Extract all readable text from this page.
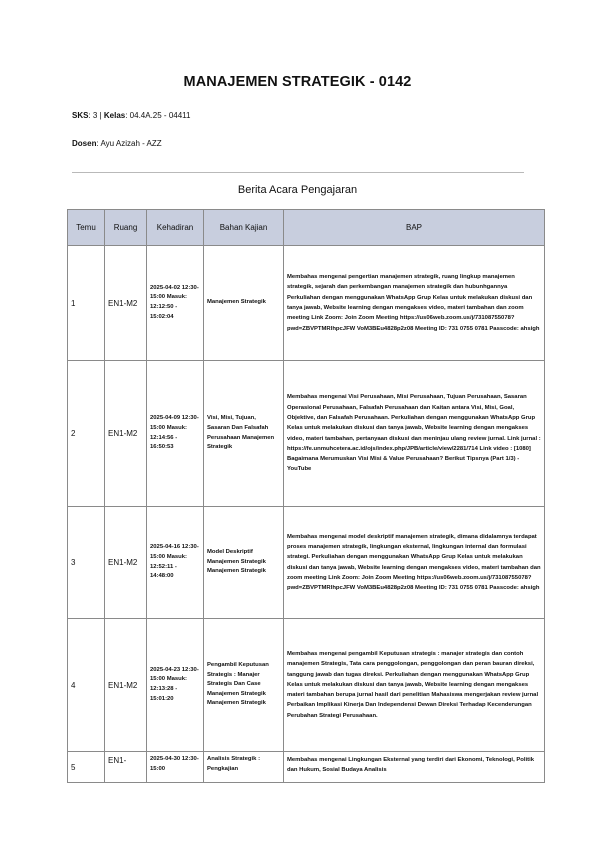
MANAJEMEN STRATEGIK - 0142
SKS: 3 | Kelas: 04.4A.25 - 04411
Dosen: Ayu Azizah - AZZ
Berita Acara Pengajaran
Temu	Ruang	Kehadiran	Bahan Kajian	BAP
1	EN1-M2	2025-04-02 12:30-15:00 Masuk: 12:12:50 - 15:02:04	Manajemen Strategik	Membahas mengenai pengertian manajemen strategik, ruang lingkup manajemen strategik, sejarah dan perkembangan manajemen strategik dan hubunhgannya Perkuliahan dengan menggunakan WhatsApp Grup Kelas untuk melakukan diskusi dan tanya jawab, Website learning dengan mengakses video, materi tambahan dan zoom meeting Link Zoom: Join Zoom Meeting https://us06web.zoom.us/j/73108755078?pwd=ZBVPTMRlhpcJFW VoM3BEu4828p2z08 Meeting ID: 731 0755 0781 Passcode: ahsigh
2	EN1-M2	2025-04-09 12:30-15:00 Masuk: 12:14:56 - 16:50:53	Visi, Misi, Tujuan, Sasaran Dan Falsafah Perusahaan Manajemen Strategik	Membahas mengenai Visi Perusahaan, Misi Perusahaan, Tujuan Perusahaan, Sasaran Operasional Perusahaan, Falsafah Perusahaan dan Kaitan antara Visi, Misi, Goal, Objektive, dan Falsafah Perusahaan. Perkuliahan dengan menggunakan WhatsApp Grup Kelas untuk melakukan diskusi dan tanya jawab, Website learning dengan mengakses video, materi tambahan, pertanyaan diskusi dan meninjau ulang review jurnal. Link jurnal : https://fe.unmuhcetera.ac.id/ojs/index.php/JPB/article/view/2281/714 Link video : [1080] Bagaimana Merumuskan Visi Misi & Value Perusahaan? Berikut Tipsnya (Part 1/3) - YouTube
3	EN1-M2	2025-04-16 12:30-15:00 Masuk: 12:52:11 - 14:48:00	Model Deskriptif Manajemen Strategik Manajemen Strategik	Membahas mengenai model deskriptif manajemen strategik, dimana didalamnya terdapat proses manajemen strategik, lingkungan eksternal, lingkungan internal dan formulasi strategi. Perkuliahan dengan menggunakan WhatsApp Grup Kelas untuk melakukan diskusi dan tanya jawab, Website learning dengan mengakses video, materi tambahan dan zoom meeting Link Zoom: Join Zoom Meeting https://us06web.zoom.us/j/73108755078?pwd=ZBVPTMRlhpcJFW VoM3BEu4828p2z08 Meeting ID: 731 0755 0781 Passcode: ahsigh
4	EN1-M2	2025-04-23 12:30-15:00 Masuk: 12:13:28 - 15:01:20	Pengambil Keputusan Strategis : Manajer Strategis Dan Case Manajemen Strategik Manajemen Strategik	Membahas mengenai pengambil Keputusan strategis : manajer strategis dan contoh manajemen Strategis, Tata cara penggolongan, penggolongan dan peran bauran direksi, tanggung jawab dan tugas direksi. Perkuliahan dengan menggunakan WhatsApp Grup Kelas untuk melakukan diskusi dan tanya jawab, Website learning dengan mengakses materi tambahan berupa jurnal hasil dari penelitian Mahasiswa mengerjakan review jurnal Perbaikan Implikasi Kinerja Dan Independensi Dewan Direksi Terhadap Kecenderungan Perubahan Strategi Perusahaan.
5	EN1-	2025-04-30 12:30-15:00	Analisis Strategik : Pengkajian	Membahas mengenai Lingkungan Eksternal yang terdiri dari Ekonomi, Teknologi, Politik dan Hukum, Sosial Budaya Analisis
